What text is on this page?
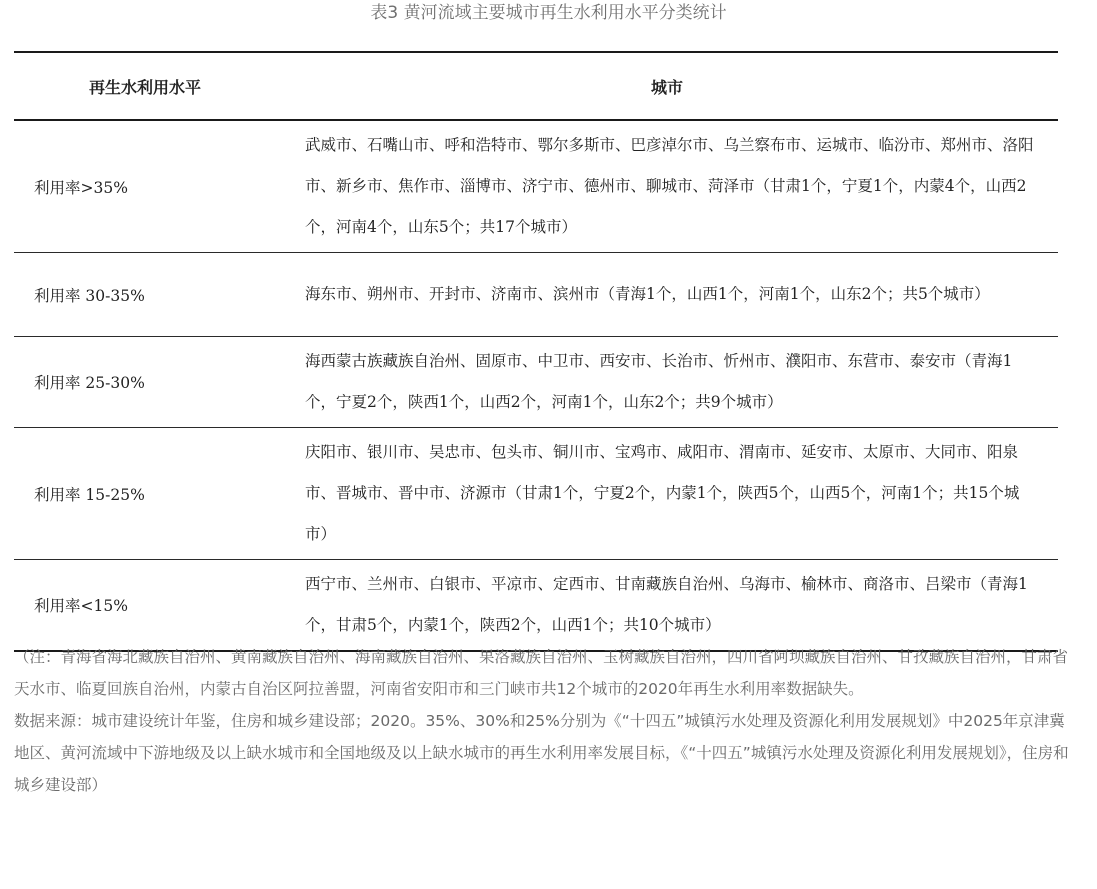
表3 黄河流域主要城市再生水利用水平分类统计
再生水利用水平	城市
利用率>35%	武威市、石嘴山市、呼和浩特市、鄂尔多斯市、巴彦淖尔市、乌兰察布市、运城市、临汾市、郑州市、洛阳市、新乡市、焦作市、淄博市、济宁市、德州市、聊城市、菏泽市（甘肃1个，宁夏1个，内蒙4个，山西2个，河南4个，山东5个；共17个城市）
利用率 30-35%	海东市、朔州市、开封市、济南市、滨州市（青海1个，山西1个，河南1个，山东2个；共5个城市）
利用率 25-30%	海西蒙古族藏族自治州、固原市、中卫市、西安市、长治市、忻州市、濮阳市、东营市、泰安市（青海1个，宁夏2个，陕西1个，山西2个，河南1个，山东2个；共9个城市）
利用率 15-25%	庆阳市、银川市、吴忠市、包头市、铜川市、宝鸡市、咸阳市、渭南市、延安市、太原市、大同市、阳泉市、晋城市、晋中市、济源市（甘肃1个，宁夏2个，内蒙1个，陕西5个，山西5个，河南1个；共15个城市）
利用率<15%	西宁市、兰州市、白银市、平凉市、定西市、甘南藏族自治州、乌海市、榆林市、商洛市、吕梁市（青海1个，甘肃5个，内蒙1个，陕西2个，山西1个；共10个城市）

（注：青海省海北藏族自治州、黄南藏族自治州、海南藏族自治州、果洛藏族自治州、玉树藏族自治州，四川省阿坝藏族自治州、甘孜藏族自治州，甘肃省天水市、临夏回族自治州，内蒙古自治区阿拉善盟，河南省安阳市和三门峡市共12个城市的2020年再生水利用率数据缺失。

数据来源：城市建设统计年鉴，住房和城乡建设部；2020。35%、30%和25%分别为《“十四五”城镇污水处理及资源化利用发展规划》中2025年京津冀地区、黄河流域中下游地级及以上缺水城市和全国地级及以上缺水城市的再生水利用率发展目标，《“十四五”城镇污水处理及资源化利用发展规划》，住房和城乡建设部）
